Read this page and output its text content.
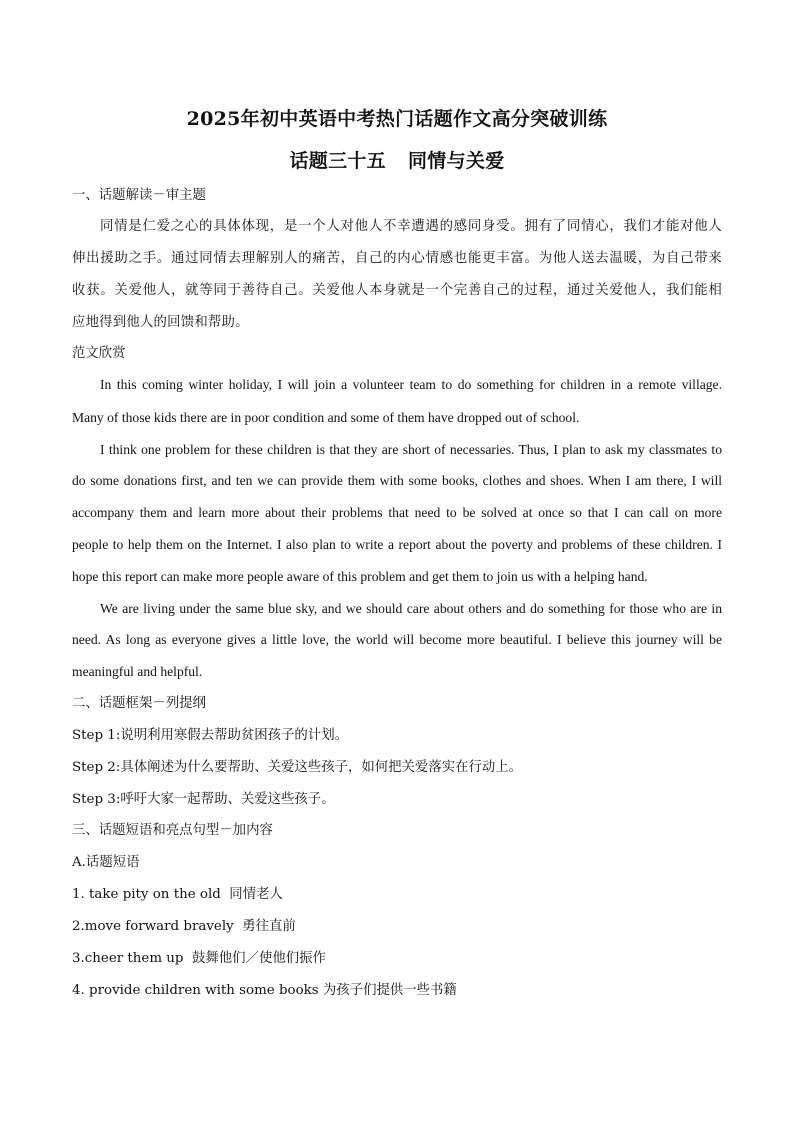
2025年初中英语中考热门话题作文高分突破训练
话题三十五 同情与关爱
一、话题解读－审主题
同情是仁爱之心的具体体现，是一个人对他人不幸遭遇的感同身受。拥有了同情心，我们才能对他人
伸出援助之手。通过同情去理解别人的痛苦，自己的内心情感也能更丰富。为他人送去温暖，为自己带来
收获。关爱他人，就等同于善待自己。关爱他人本身就是一个完善自己的过程，通过关爱他人，我们能相
应地得到他人的回馈和帮助。
范文欣赏
In this coming winter holiday, I will join a volunteer team to do something for children in a remote village.
Many of those kids there are in poor condition and some of them have dropped out of school.
I think one problem for these children is that they are short of necessaries. Thus, I plan to ask my classmates to
do some donations first, and ten we can provide them with some books, clothes and shoes. When I am there, I will
accompany them and learn more about their problems that need to be solved at once so that I can call on more
people to help them on the Internet. I also plan to write a report about the poverty and problems of these children. I
hope this report can make more people aware of this problem and get them to join us with a helping hand.
We are living under the same blue sky, and we should care about others and do something for those who are in
need. As long as everyone gives a little love, the world will become more beautiful. I believe this journey will be
meaningful and helpful.
二、话题框架－列提纲
Step 1:说明利用寒假去帮助贫困孩子的计划。
Step 2:具体阐述为什么要帮助、关爱这些孩子，如何把关爱落实在行动上。
Step 3:呼吁大家一起帮助、关爱这些孩子。
三、话题短语和亮点句型－加内容
A.话题短语
1. take pity on the old  同情老人
2.move forward bravely  勇往直前
3.cheer them up  鼓舞他们／使他们振作
4. provide children with some books 为孩子们提供一些书籍
